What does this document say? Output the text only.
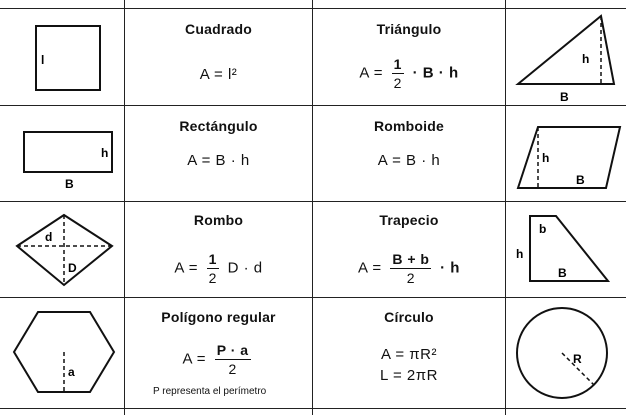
l
Cuadrado
A = l²
Triángulo
$A = \frac{1}{2} \cdot B \cdot h$
h
B
h
B
Rectángulo
A = B · h
Romboide
A = B · h	h
B
d
D
Rombo
$A = \frac{1}{2}$ D · d
Trapecio
$A = \frac{B + b}{2} \cdot h$
b
h
B
a
Polígono regular
$A = \frac{P \cdot a}{2}$
P representa el perímetro
Círculo
A = πR²
L = 2πR
R
